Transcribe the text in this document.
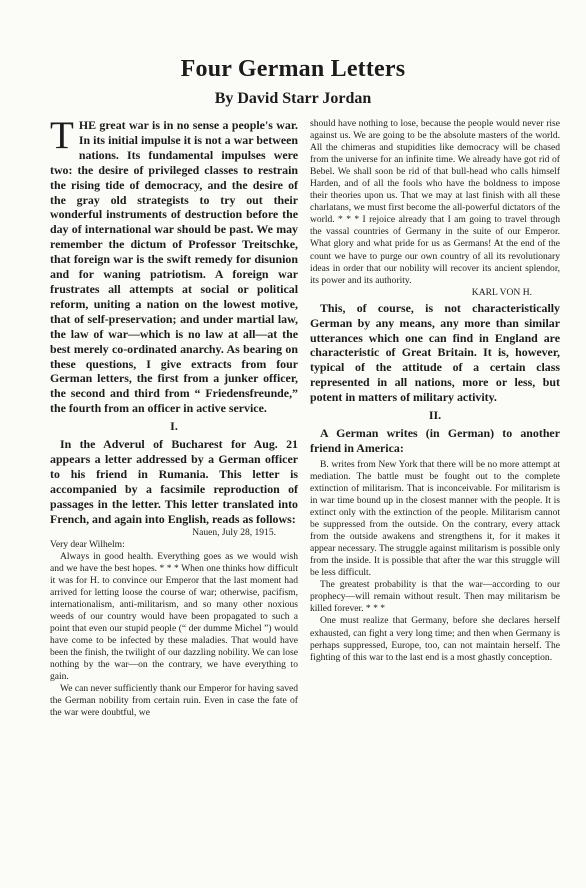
Four German Letters
By David Starr Jordan

THE great war is in no sense a people's war. In its initial impulse it is not a war between nations. Its fundamental impulses were two: the desire of privileged classes to restrain the rising tide of democracy, and the desire of the gray old strategists to try out their wonderful instruments of destruction before the day of international war should be past. We may remember the dictum of Professor Treitschke, that foreign war is the swift remedy for disunion and for waning patriotism. A foreign war frustrates all attempts at social or political reform, uniting a nation on the lowest motive, that of self-preservation; and under martial law, the law of war—which is no law at all—at the best merely co-ordinated anarchy. As bearing on these questions, I give extracts from four German letters, the first from a junker officer, the second and third from “ Friedensfreunde,” the fourth from an officer in active service.

I.

In the Adverul of Bucharest for Aug. 21 appears a letter addressed by a German officer to his friend in Rumania. This letter is accompanied by a facsimile reproduction of passages in the letter. This letter translated into French, and again into English, reads as follows:

Nauen, July 28, 1915.

Very dear Wilhelm:

Always in good health. Everything goes as we would wish and we have the best hopes. * * * When one thinks how difficult it was for H. to convince our Emperor that the last moment had arrived for letting loose the course of war; otherwise, pacifism, internationalism, anti-militarism, and so many other noxious weeds of our country would have been propagated to such a point that even our stupid people (“ der dumme Michel ”) would have come to be infected by these maladies. That would have been the finish, the twilight of our dazzling nobility. We can lose nothing by the war—on the contrary, we have everything to gain.

We can never sufficiently thank our Emperor for having saved the German nobility from certain ruin. Even in case the fate of the war were doubtful, we

should have nothing to lose, because the people would never rise against us. We are going to be the absolute masters of the world. All the chimeras and stupidities like democracy will be chased from the universe for an infinite time. We already have got rid of Bebel. We shall soon be rid of that bull-head who calls himself Harden, and of all the fools who have the boldness to impose their theories upon us. That we may at last finish with all these charlatans, we must first become the all-powerful dictators of the world. * * * I rejoice already that I am going to travel through the vassal countries of Germany in the suite of our Emperor. What glory and what pride for us as Germans! At the end of the count we have to purge our own country of all its revolutionary ideas in order that our nobility will recover its ancient splendor, its power and its authority.

KARL VON H.

This, of course, is not characteristically German by any means, any more than similar utterances which one can find in England are characteristic of Great Britain. It is, however, typical of the attitude of a certain class represented in all nations, more or less, but potent in matters of military activity.

II.

A German writes (in German) to another friend in America:

B. writes from New York that there will be no more attempt at mediation. The battle must be fought out to the complete extinction of militarism. That is inconceivable. For militarism is in war time bound up in the closest manner with the people. It is extinct only with the extinction of the people. Militarism cannot be suppressed from the outside. On the contrary, every attack from the outside awakens and strengthens it, for it makes it appear necessary. The struggle against militarism is possible only from the inside. It is possible that after the war this struggle will be less difficult.

The greatest probability is that the war—according to our prophecy—will remain without result. Then may militarism be killed forever. * * *

One must realize that Germany, before she declares herself exhausted, can fight a very long time; and then when Germany is perhaps suppressed, Europe, too, can not maintain herself. The fighting of this war to the last end is a most ghastly conception.
